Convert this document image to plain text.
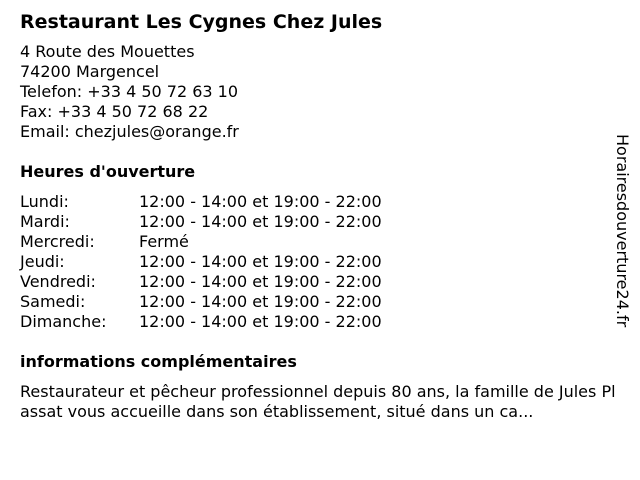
Restaurant Les Cygnes Chez Jules
4 Route des Mouettes
74200 Margencel
Telefon: +33 4 50 72 63 10
Fax: +33 4 50 72 68 22
Email: chezjules@orange.fr
Heures d'ouverture
Lundi:	12:00 - 14:00 et 19:00 - 22:00
Mardi:	12:00 - 14:00 et 19:00 - 22:00
Mercredi:	Fermé
Jeudi:	12:00 - 14:00 et 19:00 - 22:00
Vendredi:	12:00 - 14:00 et 19:00 - 22:00
Samedi:	12:00 - 14:00 et 19:00 - 22:00
Dimanche: 12:00 - 14:00 et 19:00 - 22:00
informations complémentaires
Restaurateur et pêcheur professionnel depuis 80 ans, la famille de Jules Plassat vous accueille dans son établissement, situé dans un ca...
Horairesdouverture24.fr
